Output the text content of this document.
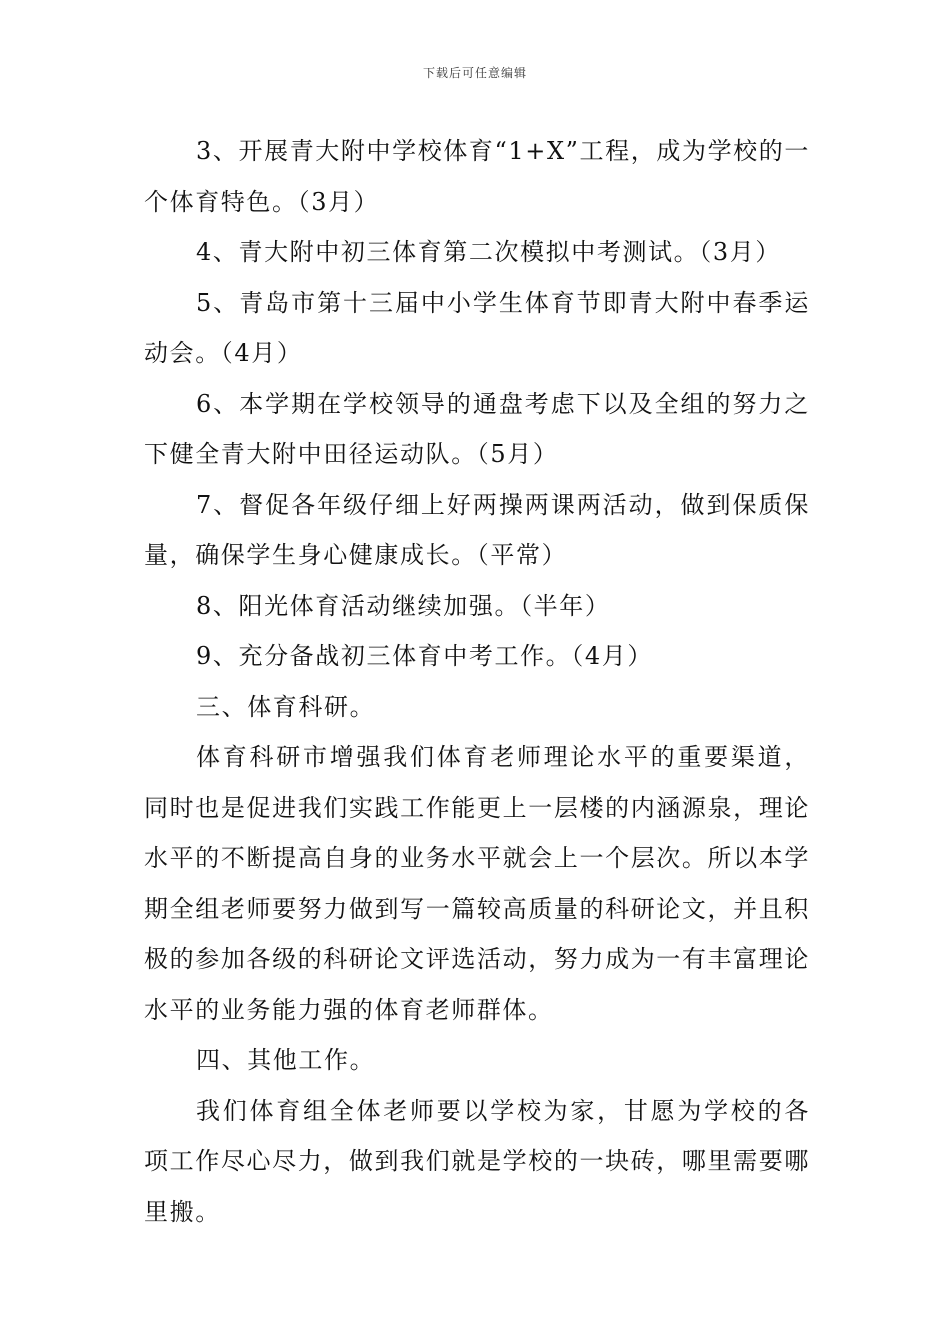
下载后可任意编辑

3、开展青大附中学校体育“1+X”工程，成为学校的一个体育特色。（3月）

4、青大附中初三体育第二次模拟中考测试。（3月）

5、青岛市第十三届中小学生体育节即青大附中春季运动会。（4月）

6、本学期在学校领导的通盘考虑下以及全组的努力之下健全青大附中田径运动队。（5月）

7、督促各年级仔细上好两操两课两活动，做到保质保量，确保学生身心健康成长。（平常）

8、阳光体育活动继续加强。（半年）

9、充分备战初三体育中考工作。（4月）

三、体育科研。

体育科研市增强我们体育老师理论水平的重要渠道，同时也是促进我们实践工作能更上一层楼的内涵源泉，理论水平的不断提高自身的业务水平就会上一个层次。所以本学期全组老师要努力做到写一篇较高质量的科研论文，并且积极的参加各级的科研论文评选活动，努力成为一有丰富理论水平的业务能力强的体育老师群体。

四、其他工作。

我们体育组全体老师要以学校为家，甘愿为学校的各项工作尽心尽力，做到我们就是学校的一块砖，哪里需要哪里搬。
